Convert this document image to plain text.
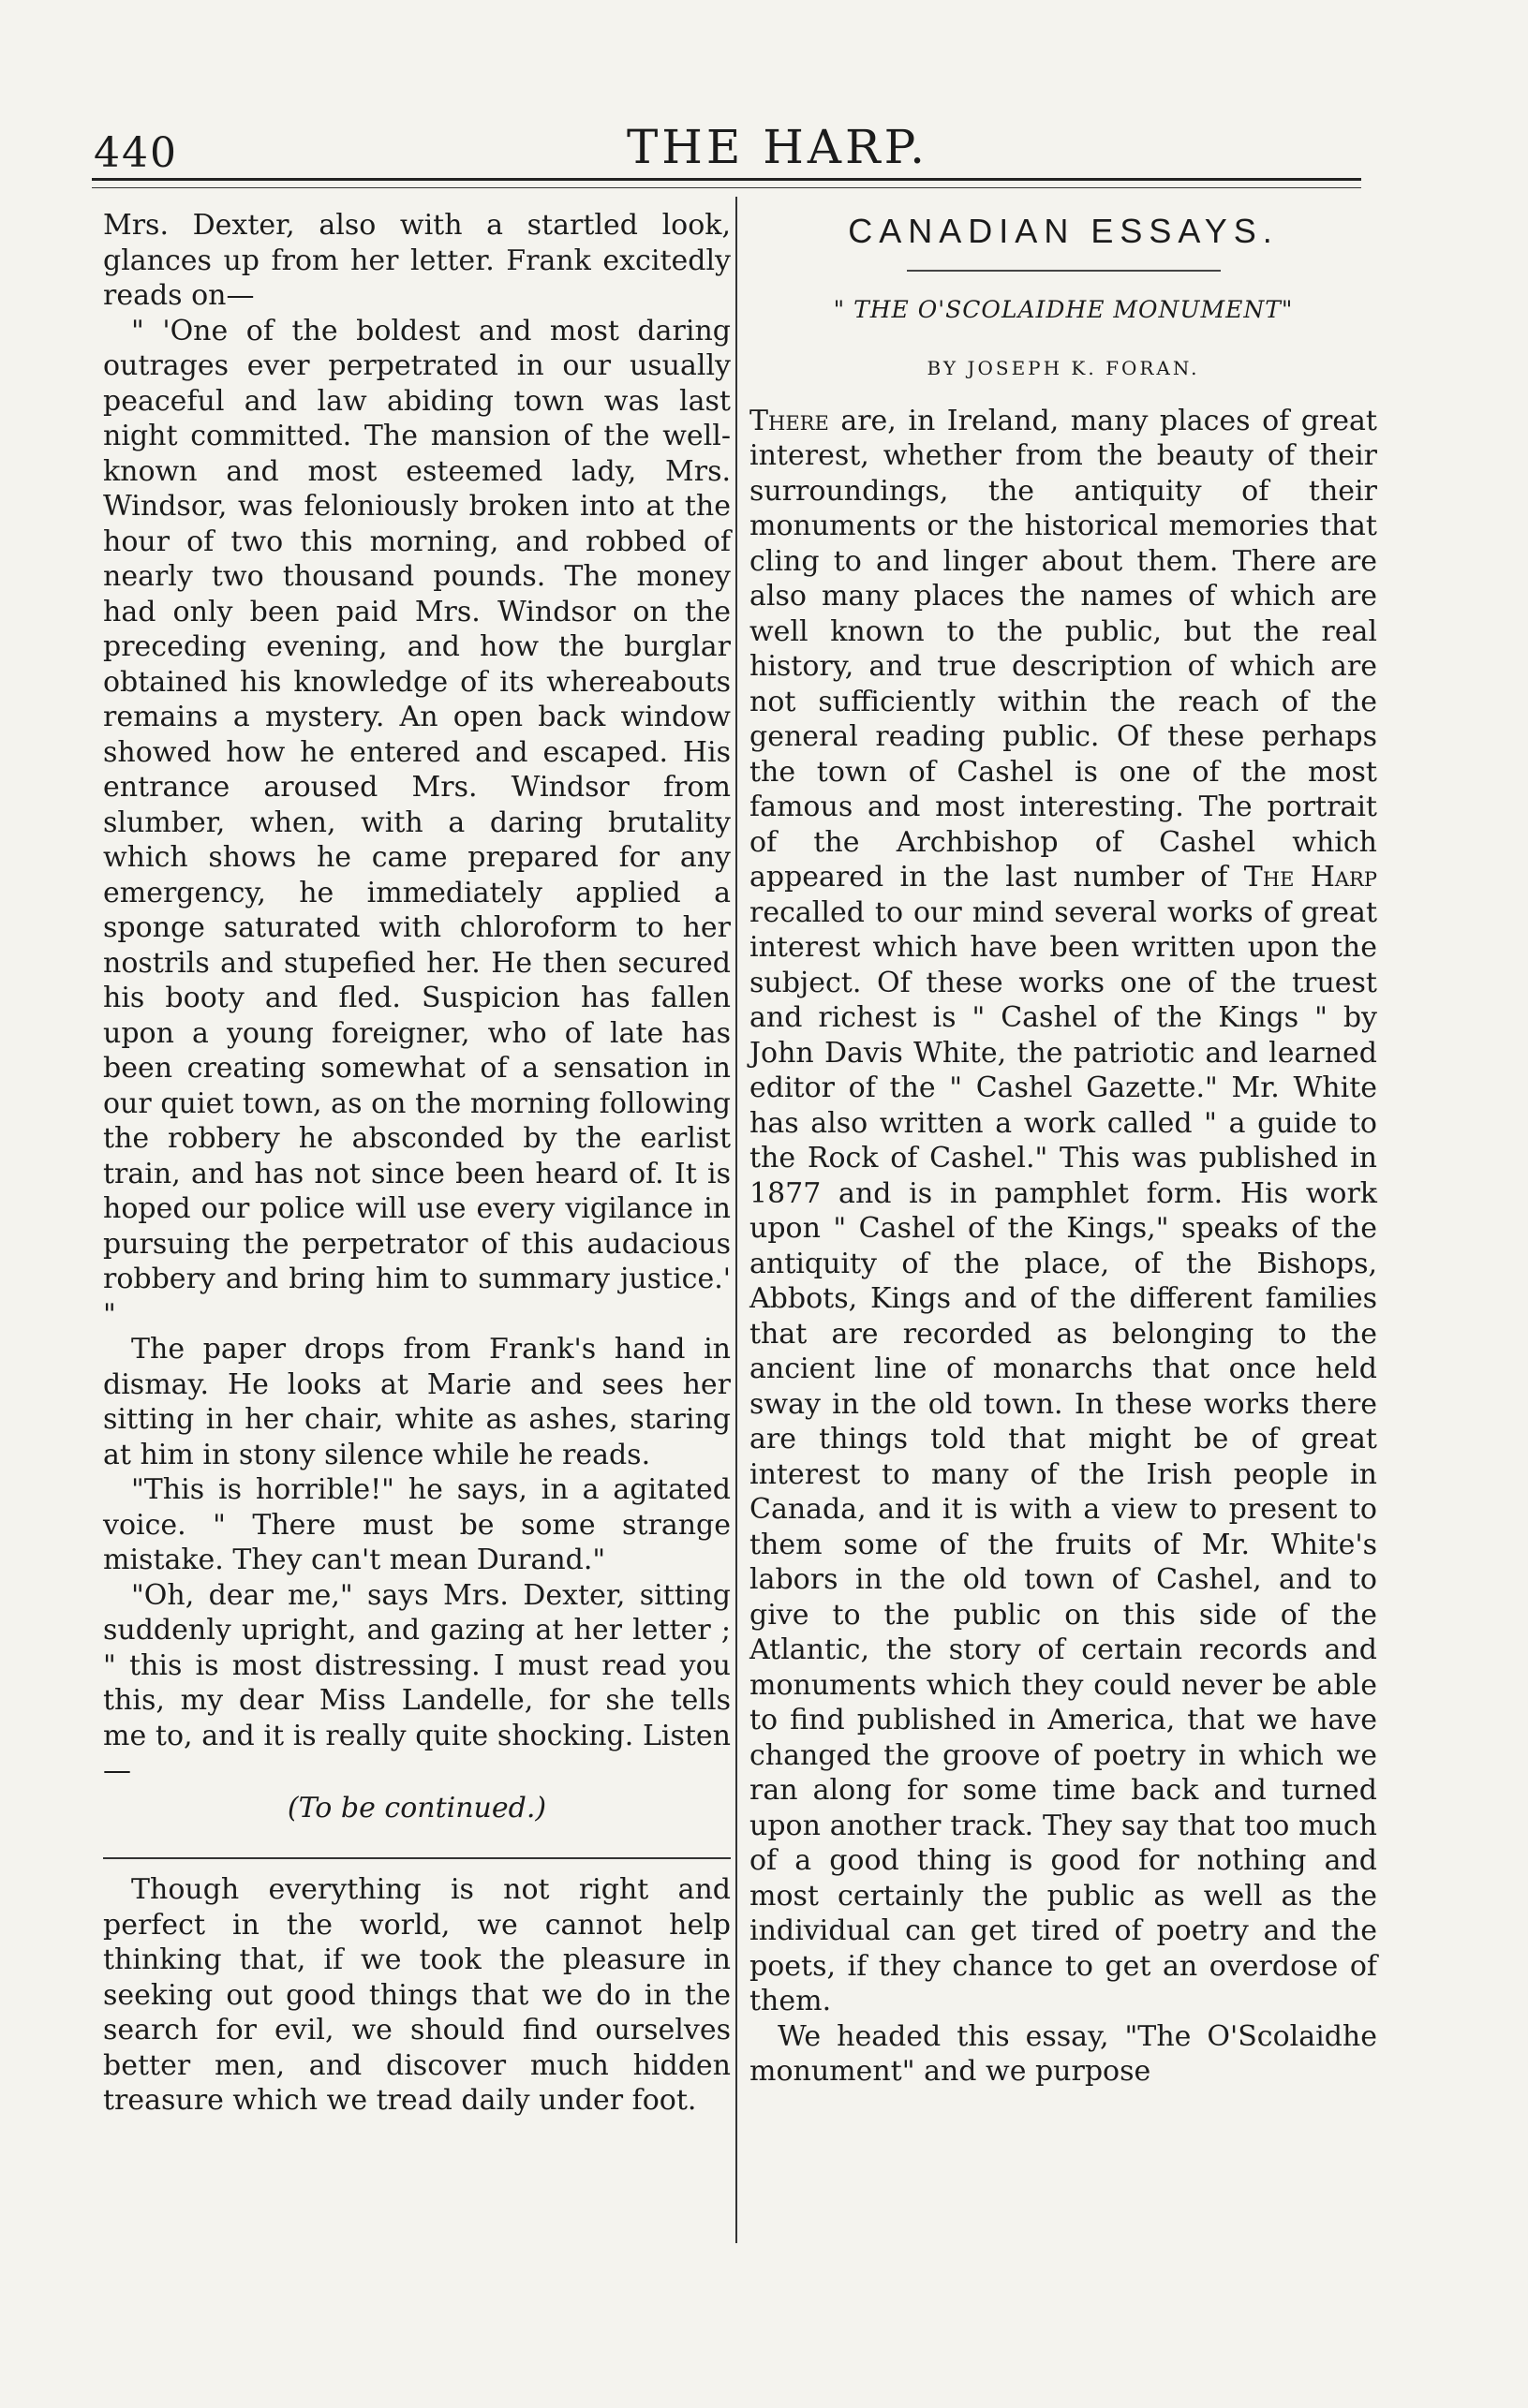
440	THE HARP.

Mrs. Dexter, also with a startled look, glances up from her letter. Frank excitedly reads on—

" 'One of the boldest and most daring outrages ever perpetrated in our usually peaceful and law abiding town was last night committed. The mansion of the well-known and most esteemed lady, Mrs. Windsor, was feloniously broken into at the hour of two this morning, and robbed of nearly two thousand pounds. The money had only been paid Mrs. Windsor on the preceding evening, and how the burglar obtained his knowledge of its whereabouts remains a mystery. An open back window showed how he entered and escaped. His entrance aroused Mrs. Windsor from slumber, when, with a daring brutality which shows he came prepared for any emergency, he immediately applied a sponge saturated with chloroform to her nostrils and stupefied her. He then secured his booty and fled. Suspicion has fallen upon a young foreigner, who of late has been creating somewhat of a sensation in our quiet town, as on the morning following the robbery he absconded by the earlist train, and has not since been heard of. It is hoped our police will use every vigilance in pursuing the perpetrator of this audacious robbery and bring him to summary justice.' "

The paper drops from Frank's hand in dismay. He looks at Marie and sees her sitting in her chair, white as ashes, staring at him in stony silence while he reads.

"This is horrible!" he says, in a agitated voice. " There must be some strange mistake. They can't mean Durand."

"Oh, dear me," says Mrs. Dexter, sitting suddenly upright, and gazing at her letter ; " this is most distressing. I must read you this, my dear Miss Landelle, for she tells me to, and it is really quite shocking. Listen—

(To be continued.)

Though everything is not right and perfect in the world, we cannot help thinking that, if we took the pleasure in seeking out good things that we do in the search for evil, we should find ourselves better men, and discover much hidden treasure which we tread daily under foot.

CANADIAN ESSAYS.
" THE O'SCOLAIDHE MONUMENT"
BY JOSEPH K. FORAN.

There are, in Ireland, many places of great interest, whether from the beauty of their surroundings, the antiquity of their monuments or the historical memories that cling to and linger about them. There are also many places the names of which are well known to the public, but the real history, and true description of which are not sufficiently within the reach of the general reading public. Of these perhaps the town of Cashel is one of the most famous and most interesting. The portrait of the Archbishop of Cashel which appeared in the last number of The Harp recalled to our mind several works of great interest which have been written upon the subject. Of these works one of the truest and richest is " Cashel of the Kings " by John Davis White, the patriotic and learned editor of the " Cashel Gazette." Mr. White has also written a work called " a guide to the Rock of Cashel." This was published in 1877 and is in pamphlet form. His work upon " Cashel of the Kings," speaks of the antiquity of the place, of the Bishops, Abbots, Kings and of the different families that are recorded as belonging to the ancient line of monarchs that once held sway in the old town. In these works there are things told that might be of great interest to many of the Irish people in Canada, and it is with a view to present to them some of the fruits of Mr. White's labors in the old town of Cashel, and to give to the public on this side of the Atlantic, the story of certain records and monuments which they could never be able to find published in America, that we have changed the groove of poetry in which we ran along for some time back and turned upon another track. They say that too much of a good thing is good for nothing and most certainly the public as well as the individual can get tired of poetry and the poets, if they chance to get an overdose of them.

We headed this essay, "The O'Scolaidhe monument" and we purpose
